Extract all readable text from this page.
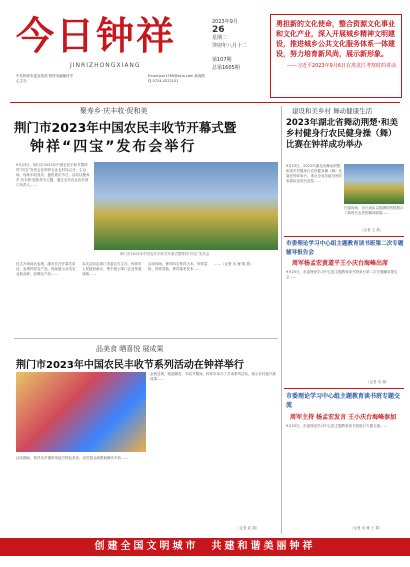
今日钟祥
JINRIZHONGXIANG
中共钟祥市委宣传部 钟祥市融媒体中心主办
Email:jrzx1789@sina.com 新闻热线 0724-4222151
2023年9月
26
星期二
癸卯年八月十二
第107期
总第1605期
勇担新的文化使命，整合资源文化事业和文化产业，深入开展城乡精神文明建设，推进城乡公共文化服务体系一体建设，努力培育新风尚，展示新形象。
——习近平2023年9月6日在黑龙江考察时的讲话
聚寿乡·庆丰收·促和美
荆门市2023年中国农民丰收节开幕式暨
钟祥“四宝”发布会举行
9月23日，荆门市2023年中国农民丰收节暨钟祥“四宝”发布会在钟祥农业农村局召开，主会场，现场丰收喜庆，盛世欢乐节日，活动以聚寿乡·庆丰收·促和美为主题，通过全市农业农村部门负责人……
荆门市2023年中国农民丰收节开幕式暨钟祥“四宝”发布会
仪式开场前后参观，副市长在开幕式讲话，参观钟祥农产品，现场展示各类农业新品种，品牌农产品……
本次活动由荆门市委农办主办，钟祥市人民政府承办，集中展示荆门农业发展成就……
活动现场，钟祥四宝钟祥大米、钟祥葛粉、钟祥香菇、钟祥蜜枣发布……
……（记者 吴 雁 陈 燕）
建设和美乡村 舞动健康生活
2023年湖北省舞动荆楚·和美乡村健身行农民健身操（舞）比赛在钟祥成功举办
9月23日，2023年湖北省舞动荆楚·和美乡村健身行农民健身操（舞）比赛在钟祥举行。来自全省各地市州的参赛队伍同台竞技……
比赛现场，各代表队以饱满的热情展示了新时代农民的精神面貌……
（记者 王 晨）
市委理论学习中心组主题教育读书班第二次专题辅导报告会
周军杨孟宏黄道平王小庆台海峰出席
9月25日，市委理论学习中心组主题教育读书班举行第二次专题辅导报告会……
（记者 吴 雁）
品美食 晒喜悦 展成果
荆门市2023年中国农民丰收节系列活动在钟祥举行
金秋送爽，稻浪飘香，丰收节期间，钟祥市举办了多项系列活动，展示乡村振兴新成果……
活动期间，钟祥各乡镇带来地方特色美食，农民群众载歌载舞庆丰收……
（记者 赵 超）
市委理论学习中心组主题教育读书班专题交流
周军主持 杨孟宏发言 王小庆台海峰参加
9月25日，市委理论学习中心组主题教育读书班进行专题交流……
（记者 吴 雁 王 群）
创建全国文明城市　共建和谐美丽钟祥
